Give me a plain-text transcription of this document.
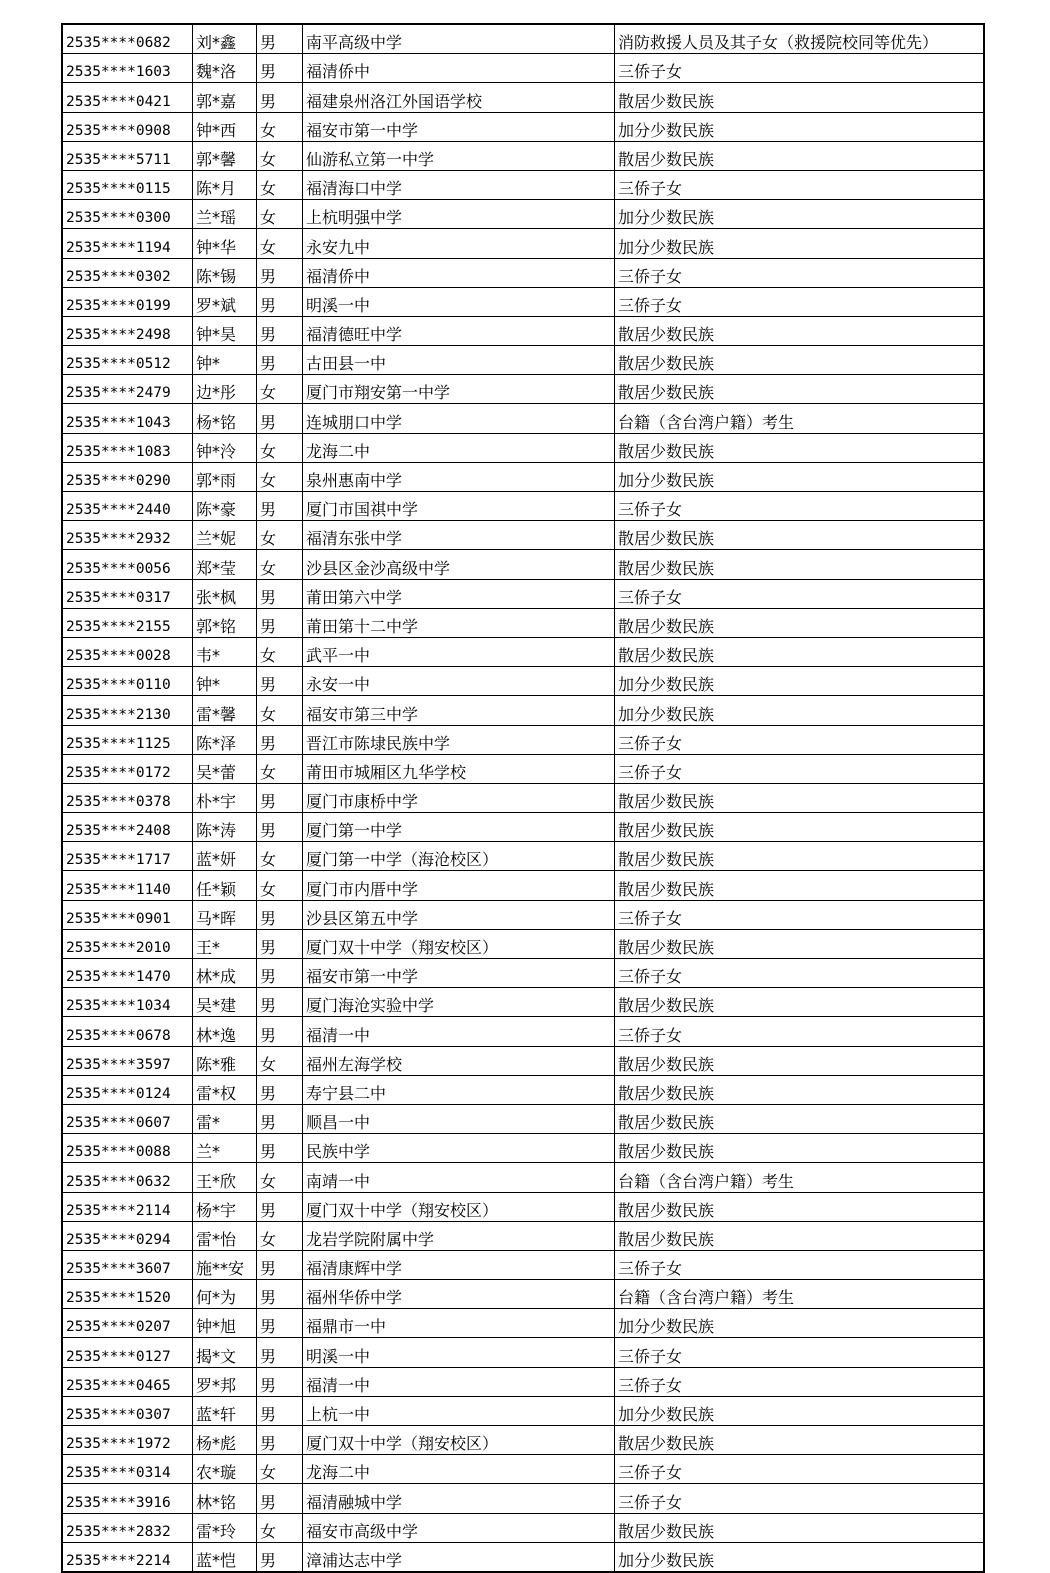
2535****0682	刘*鑫	男	南平高级中学	消防救援人员及其子女（救援院校同等优先）
2535****1603	魏*洛	男	福清侨中	三侨子女
2535****0421	郭*嘉	男	福建泉州洛江外国语学校	散居少数民族
2535****0908	钟*西	女	福安市第一中学	加分少数民族
2535****5711	郭*馨	女	仙游私立第一中学	散居少数民族
2535****0115	陈*月	女	福清海口中学	三侨子女
2535****0300	兰*瑶	女	上杭明强中学	加分少数民族
2535****1194	钟*华	女	永安九中	加分少数民族
2535****0302	陈*锡	男	福清侨中	三侨子女
2535****0199	罗*斌	男	明溪一中	三侨子女
2535****2498	钟*昊	男	福清德旺中学	散居少数民族
2535****0512	钟*	男	古田县一中	散居少数民族
2535****2479	边*彤	女	厦门市翔安第一中学	散居少数民族
2535****1043	杨*铭	男	连城朋口中学	台籍（含台湾户籍）考生
2535****1083	钟*泠	女	龙海二中	散居少数民族
2535****0290	郭*雨	女	泉州惠南中学	加分少数民族
2535****2440	陈*豪	男	厦门市国祺中学	三侨子女
2535****2932	兰*妮	女	福清东张中学	散居少数民族
2535****0056	郑*莹	女	沙县区金沙高级中学	散居少数民族
2535****0317	张*枫	男	莆田第六中学	三侨子女
2535****2155	郭*铭	男	莆田第十二中学	散居少数民族
2535****0028	韦*	女	武平一中	散居少数民族
2535****0110	钟*	男	永安一中	加分少数民族
2535****2130	雷*馨	女	福安市第三中学	加分少数民族
2535****1125	陈*泽	男	晋江市陈埭民族中学	三侨子女
2535****0172	吴*蕾	女	莆田市城厢区九华学校	三侨子女
2535****0378	朴*宇	男	厦门市康桥中学	散居少数民族
2535****2408	陈*涛	男	厦门第一中学	散居少数民族
2535****1717	蓝*妍	女	厦门第一中学（海沧校区）	散居少数民族
2535****1140	任*颖	女	厦门市内厝中学	散居少数民族
2535****0901	马*晖	男	沙县区第五中学	三侨子女
2535****2010	王*	男	厦门双十中学（翔安校区）	散居少数民族
2535****1470	林*成	男	福安市第一中学	三侨子女
2535****1034	吴*建	男	厦门海沧实验中学	散居少数民族
2535****0678	林*逸	男	福清一中	三侨子女
2535****3597	陈*雅	女	福州左海学校	散居少数民族
2535****0124	雷*权	男	寿宁县二中	散居少数民族
2535****0607	雷*	男	顺昌一中	散居少数民族
2535****0088	兰*	男	民族中学	散居少数民族
2535****0632	王*欣	女	南靖一中	台籍（含台湾户籍）考生
2535****2114	杨*宇	男	厦门双十中学（翔安校区）	散居少数民族
2535****0294	雷*怡	女	龙岩学院附属中学	散居少数民族
2535****3607	施**安	男	福清康辉中学	三侨子女
2535****1520	何*为	男	福州华侨中学	台籍（含台湾户籍）考生
2535****0207	钟*旭	男	福鼎市一中	加分少数民族
2535****0127	揭*文	男	明溪一中	三侨子女
2535****0465	罗*邦	男	福清一中	三侨子女
2535****0307	蓝*轩	男	上杭一中	加分少数民族
2535****1972	杨*彪	男	厦门双十中学（翔安校区）	散居少数民族
2535****0314	农*璇	女	龙海二中	三侨子女
2535****3916	林*铭	男	福清融城中学	三侨子女
2535****2832	雷*玲	女	福安市高级中学	散居少数民族
2535****2214	蓝*恺	男	漳浦达志中学	加分少数民族
